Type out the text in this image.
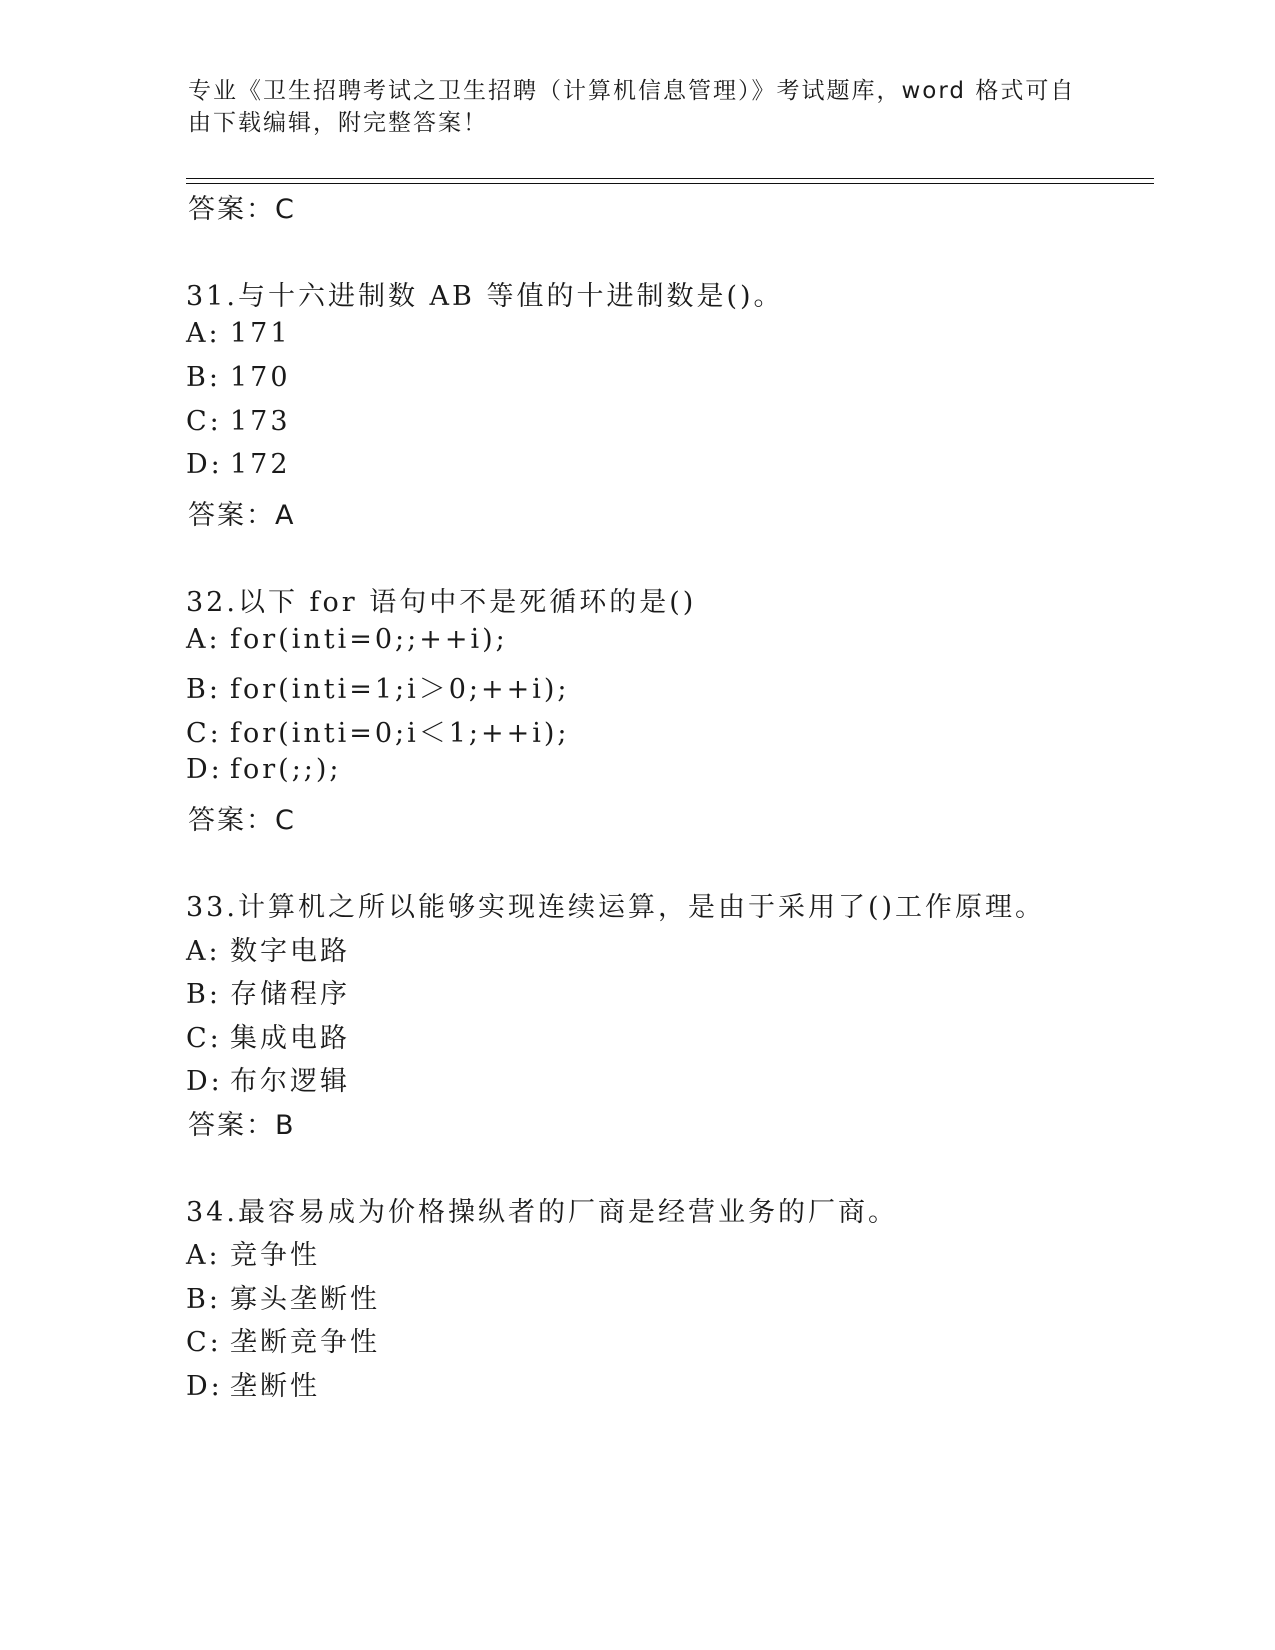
专业《卫生招聘考试之卫生招聘（计算机信息管理）》考试题库，word 格式可自
由下载编辑，附完整答案！
答案：C
31.与十六进制数 AB 等值的十进制数是()。
A: 171
B: 170
C: 173
D: 172
答案：A
32.以下 for 语句中不是死循环的是()
A: for(inti=0;;++i);
B: for(inti=1;i＞0;++i);
C: for(inti=0;i＜1;++i);
D: for(;;);
答案：C
33.计算机之所以能够实现连续运算，是由于采用了()工作原理。
A: 数字电路
B: 存储程序
C: 集成电路
D: 布尔逻辑
答案：B
34.最容易成为价格操纵者的厂商是经营业务的厂商。
A: 竞争性
B: 寡头垄断性
C: 垄断竞争性
D: 垄断性
